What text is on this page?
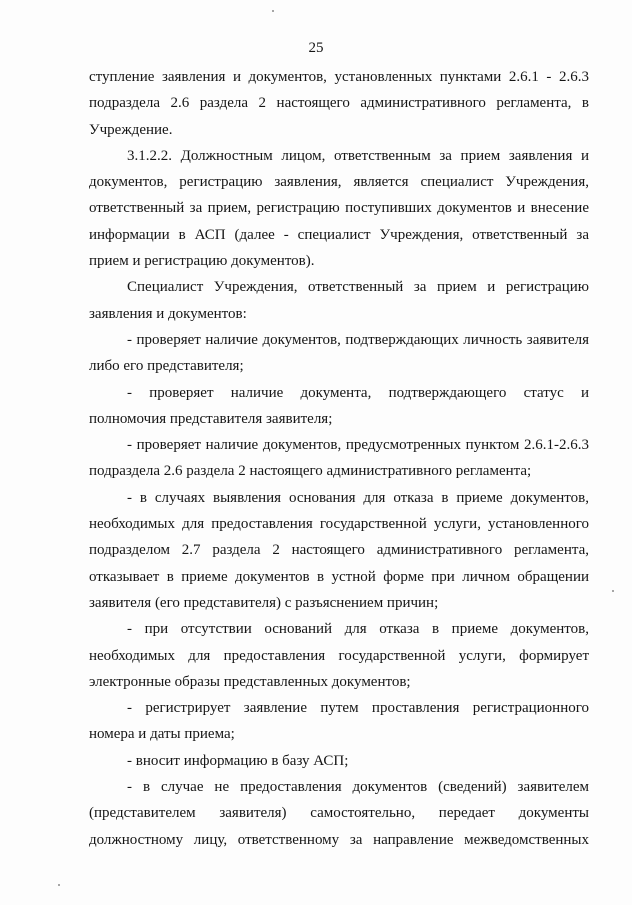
25

ступление заявления и документов, установленных пунктами 2.6.1 - 2.6.3 подраздела 2.6 раздела 2 настоящего административного регламента, в Учреждение.

3.1.2.2. Должностным лицом, ответственным за прием заявления и документов, регистрацию заявления, является специалист Учреждения, ответственный за прием, регистрацию поступивших документов и внесение информации в АСП (далее - специалист Учреждения, ответственный за прием и регистрацию документов).

Специалист Учреждения, ответственный за прием и регистрацию заявления и документов:

- проверяет наличие документов, подтверждающих личность заявителя либо его представителя;

- проверяет наличие документа, подтверждающего статус и полномочия представителя заявителя;

- проверяет наличие документов, предусмотренных пунктом 2.6.1-2.6.3 подраздела 2.6 раздела 2 настоящего административного регламента;

- в случаях выявления основания для отказа в приеме документов, необходимых для предоставления государственной услуги, установленного подразделом 2.7 раздела 2 настоящего административного регламента, отказывает в приеме документов в устной форме при личном обращении заявителя (его представителя) с разъяснением причин;

- при отсутствии оснований для отказа в приеме документов, необходимых для предоставления государственной услуги, формирует электронные образы представленных документов;

- регистрирует заявление путем проставления регистрационного номера и даты приема;

- вносит информацию в базу АСП;

- в случае не предоставления документов (сведений) заявителем (представителем заявителя) самостоятельно, передает документы должностному лицу, ответственному за направление межведомственных
